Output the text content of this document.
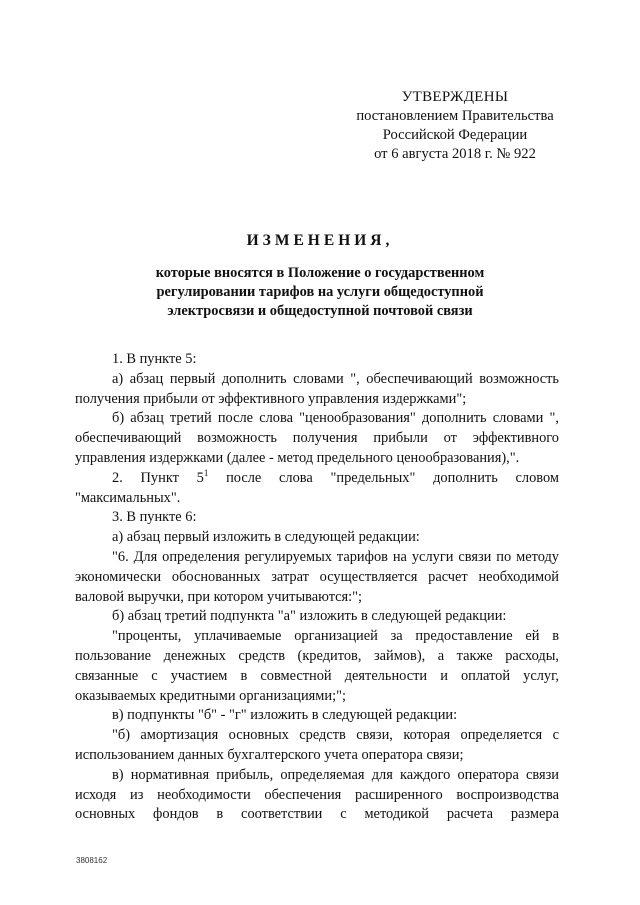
УТВЕРЖДЕНЫ
постановлением Правительства
Российской Федерации
от 6 августа 2018 г. № 922
ИЗМЕНЕНИЯ,
которые вносятся в Положение о государственном
регулировании тарифов на услуги общедоступной
электросвязи и общедоступной почтовой связи

1. В пункте 5:

а) абзац первый дополнить словами ", обеспечивающий возможность получения прибыли от эффективного управления издержками";

б) абзац третий после слова "ценообразования" дополнить словами ", обеспечивающий возможность получения прибыли от эффективного управления издержками (далее - метод предельного ценообразования),".

2. Пункт $5^1$ после слова "предельных" дополнить словом "максимальных".

3. В пункте 6:

а) абзац первый изложить в следующей редакции:

"6. Для определения регулируемых тарифов на услуги связи по методу экономически обоснованных затрат осуществляется расчет необходимой валовой выручки, при котором учитываются:";

б) абзац третий подпункта "а" изложить в следующей редакции:

"проценты, уплачиваемые организацией за предоставление ей в пользование денежных средств (кредитов, займов), а также расходы, связанные с участием в совместной деятельности и оплатой услуг, оказываемых кредитными организациями;";

в) подпункты "б" - "г" изложить в следующей редакции:

"б) амортизация основных средств связи, которая определяется с использованием данных бухгалтерского учета оператора связи;

в) нормативная прибыль, определяемая для каждого оператора связи исходя из необходимости обеспечения расширенного воспроизводства основных фондов в соответствии с методикой расчета размера

3808162
